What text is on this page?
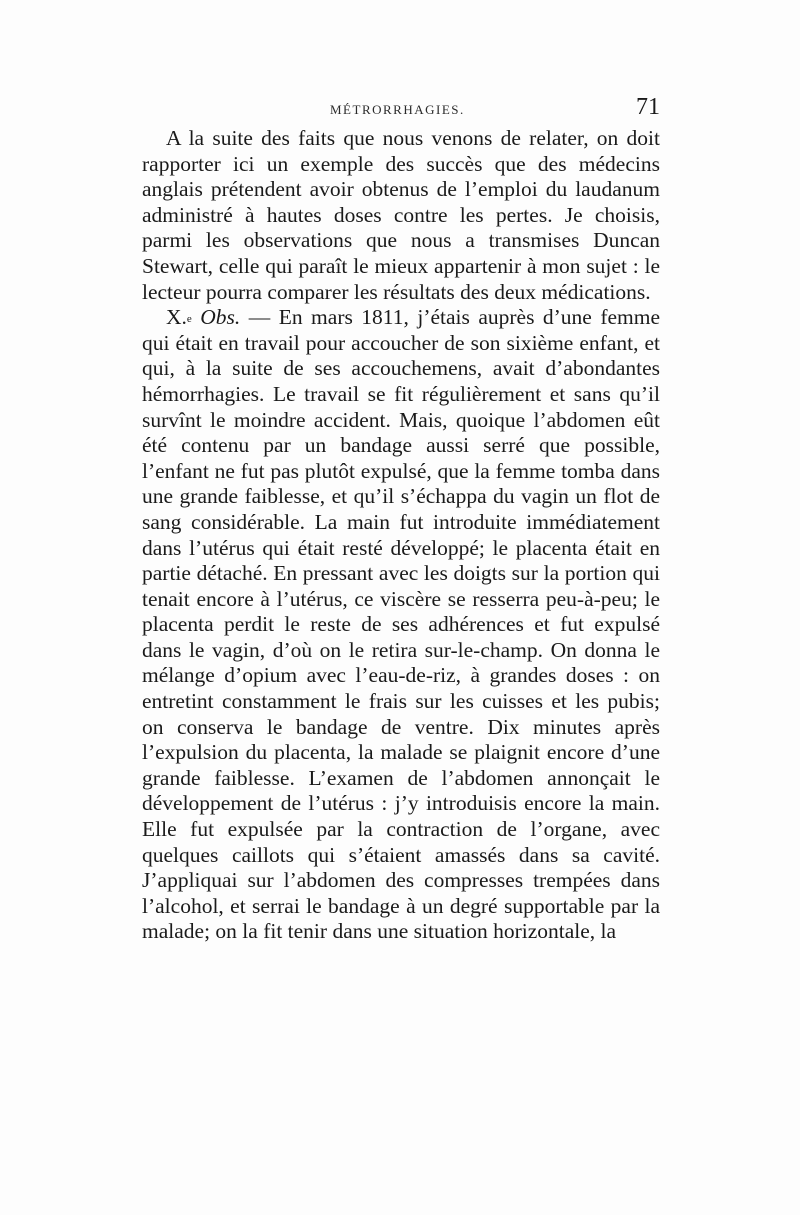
MÉTRORRHAGIES.	71

A la suite des faits que nous venons de relater, on doit rapporter ici un exemple des succès que des médecins anglais prétendent avoir obtenus de l’emploi du laudanum administré à hautes doses contre les pertes. Je choisis, parmi les observations que nous a transmises Duncan Stewart, celle qui paraît le mieux appartenir à mon sujet : le lecteur pourra comparer les résultats des deux médications.

X.$^e$ Obs. — En mars 1811, j’étais auprès d’une femme qui était en travail pour accoucher de son sixième enfant, et qui, à la suite de ses accouchemens, avait d’abondantes hémorrhagies. Le travail se fit régulièrement et sans qu’il survînt le moindre accident. Mais, quoique l’abdomen eût été contenu par un bandage aussi serré que possible, l’enfant ne fut pas plutôt expulsé, que la femme tomba dans une grande faiblesse, et qu’il s’échappa du vagin un flot de sang considérable. La main fut introduite immédiatement dans l’utérus qui était resté développé; le placenta était en partie détaché. En pressant avec les doigts sur la portion qui tenait encore à l’utérus, ce viscère se resserra peu-à-peu; le placenta perdit le reste de ses adhérences et fut expulsé dans le vagin, d’où on le retira sur-le-champ. On donna le mélange d’opium avec l’eau-de-riz, à grandes doses : on entretint constamment le frais sur les cuisses et les pubis; on conserva le bandage de ventre. Dix minutes après l’expulsion du placenta, la malade se plaignit encore d’une grande faiblesse. L’examen de l’abdomen annonçait le développement de l’utérus : j’y introduisis encore la main. Elle fut expulsée par la contraction de l’organe, avec quelques caillots qui s’étaient amassés dans sa cavité. J’appliquai sur l’abdomen des compresses trempées dans l’alcohol, et serrai le bandage à un degré supportable par la malade; on la fit tenir dans une situation horizontale, la
